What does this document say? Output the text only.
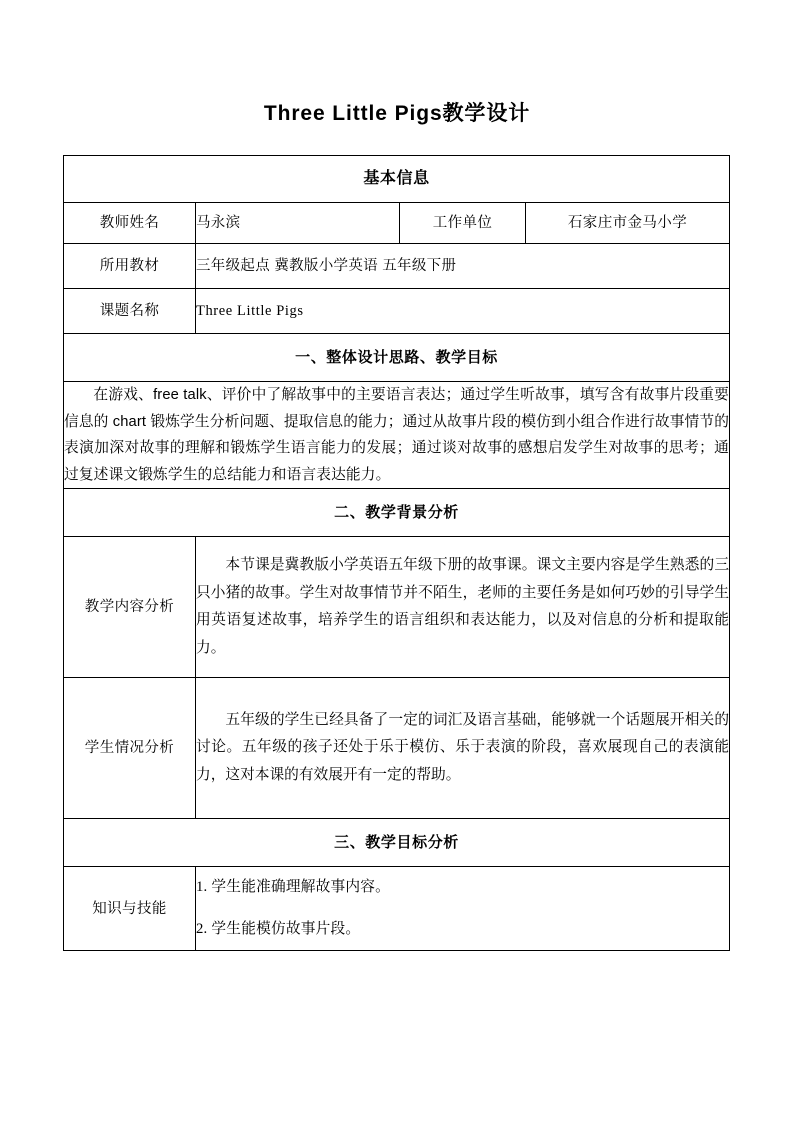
Three Little Pigs教学设计
基本信息			
教师姓名	马永滨	工作单位	石家庄市金马小学
所用教材	三年级起点 冀教版小学英语 五年级下册		
课题名称	Three Little Pigs		
一、整体设计思路、教学目标			

在游戏、free talk、评价中了解故事中的主要语言表达；通过学生听故事，填写含有故事片段重要信息的 chart 锻炼学生分析问题、提取信息的能力；通过从故事片段的模仿到小组合作进行故事情节的表演加深对故事的理解和锻炼学生语言能力的发展；通过谈对故事的感想启发学生对故事的思考；通过复述课文锻炼学生的总结能力和语言表达能力。			

二、教学背景分析			
教学内容分析	本节课是冀教版小学英语五年级下册的故事课。课文主要内容是学生熟悉的三只小猪的故事。学生对故事情节并不陌生，老师的主要任务是如何巧妙的引导学生用英语复述故事，培养学生的语言组织和表达能力，以及对信息的分析和提取能力。		

学生情况分析	五年级的学生已经具备了一定的词汇及语言基础，能够就一个话题展开相关的讨论。五年级的孩子还处于乐于模仿、乐于表演的阶段，喜欢展现自己的表演能力，这对本课的有效展开有一定的帮助。		

三、教学目标分析			
知识与技能	1. 学生能准确理解故事内容。
2. 学生能模仿故事片段。		
